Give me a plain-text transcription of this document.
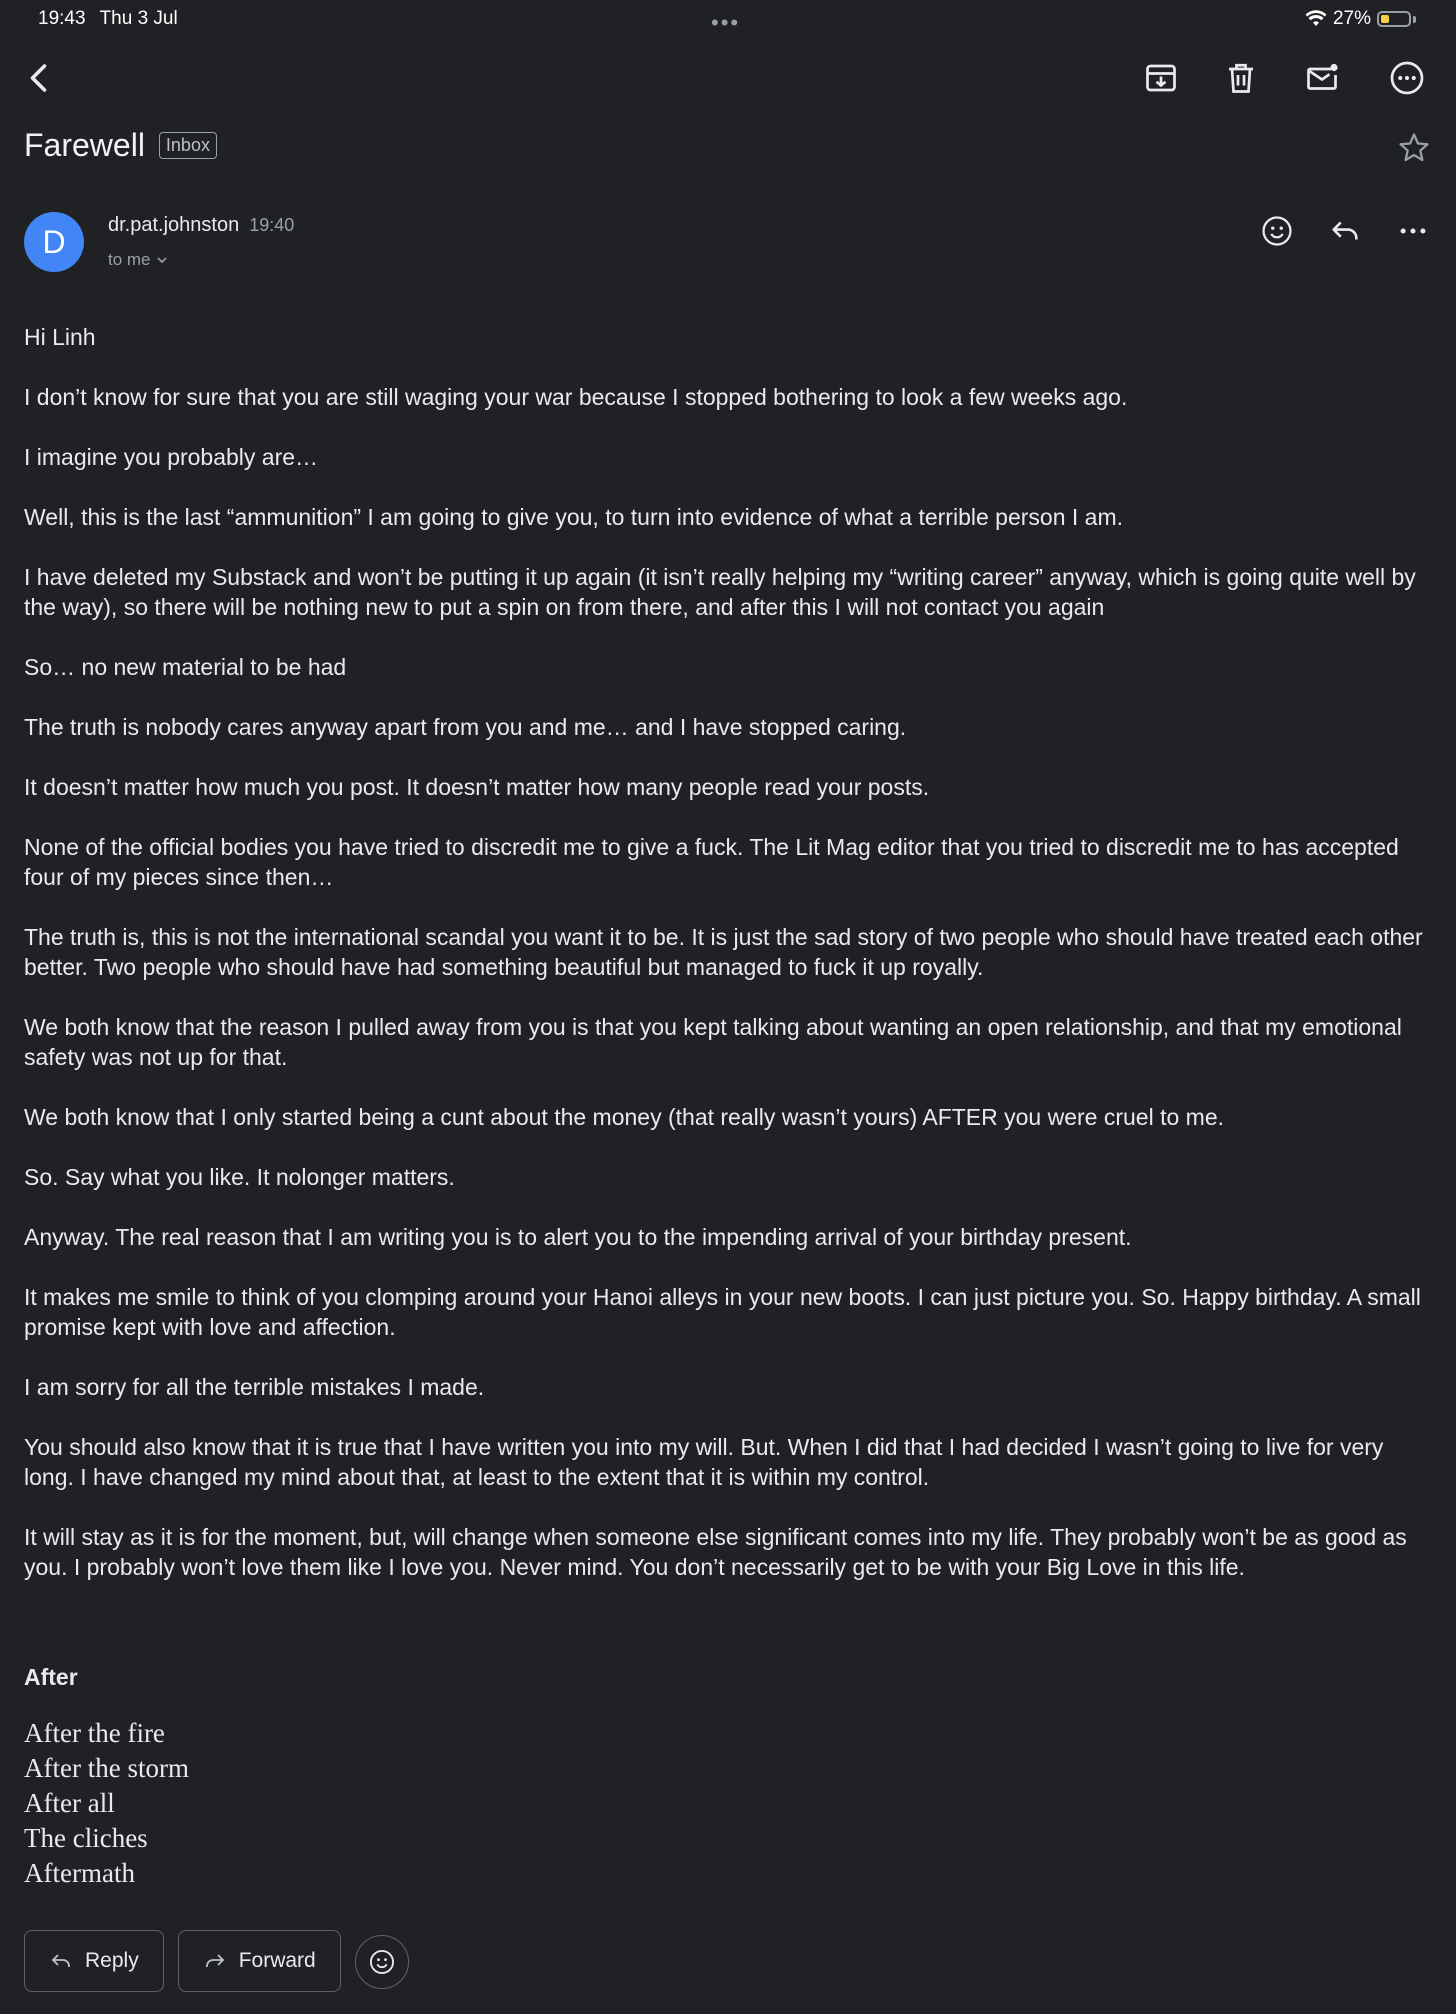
19:43 Thu 3 Jul	•••	27%
Farewell	Inbox
D	dr.pat.johnston 19:40
to me

Hi Linh

I don’t know for sure that you are still waging your war because I stopped bothering to look a few weeks ago.

I imagine you probably are…

Well, this is the last “ammunition” I am going to give you, to turn into evidence of what a terrible person I am.

I have deleted my Substack and won’t be putting it up again (it isn’t really helping my “writing career” anyway, which is going quite well by the way), so there will be nothing new to put a spin on from there, and after this I will not contact you again

So… no new material to be had

The truth is nobody cares anyway apart from you and me… and I have stopped caring.

It doesn’t matter how much you post. It doesn’t matter how many people read your posts.

None of the official bodies you have tried to discredit me to give a fuck. The Lit Mag editor that you tried to discredit me to has accepted four of my pieces since then…

The truth is, this is not the international scandal you want it to be. It is just the sad story of two people who should have treated each other better. Two people who should have had something beautiful but managed to fuck it up royally.

We both know that the reason I pulled away from you is that you kept talking about wanting an open relationship, and that my emotional safety was not up for that.

We both know that I only started being a cunt about the money (that really wasn’t yours) AFTER you were cruel to me.

So. Say what you like. It nolonger matters.

Anyway. The real reason that I am writing you is to alert you to the impending arrival of your birthday present.

It makes me smile to think of you clomping around your Hanoi alleys in your new boots. I can just picture you. So. Happy birthday. A small promise kept with love and affection.

I am sorry for all the terrible mistakes I made.

You should also know that it is true that I have written you into my will. But. When I did that I had decided I wasn’t going to live for very long. I have changed my mind about that, at least to the extent that it is within my control.

It will stay as it is for the moment, but, will change when someone else significant comes into my life. They probably won’t be as good as you. I probably won’t love them like I love you. Never mind. You don’t necessarily get to be with your Big Love in this life.

After
After the fire
After the storm
After all
The cliches
Aftermath
Reply	Forward
